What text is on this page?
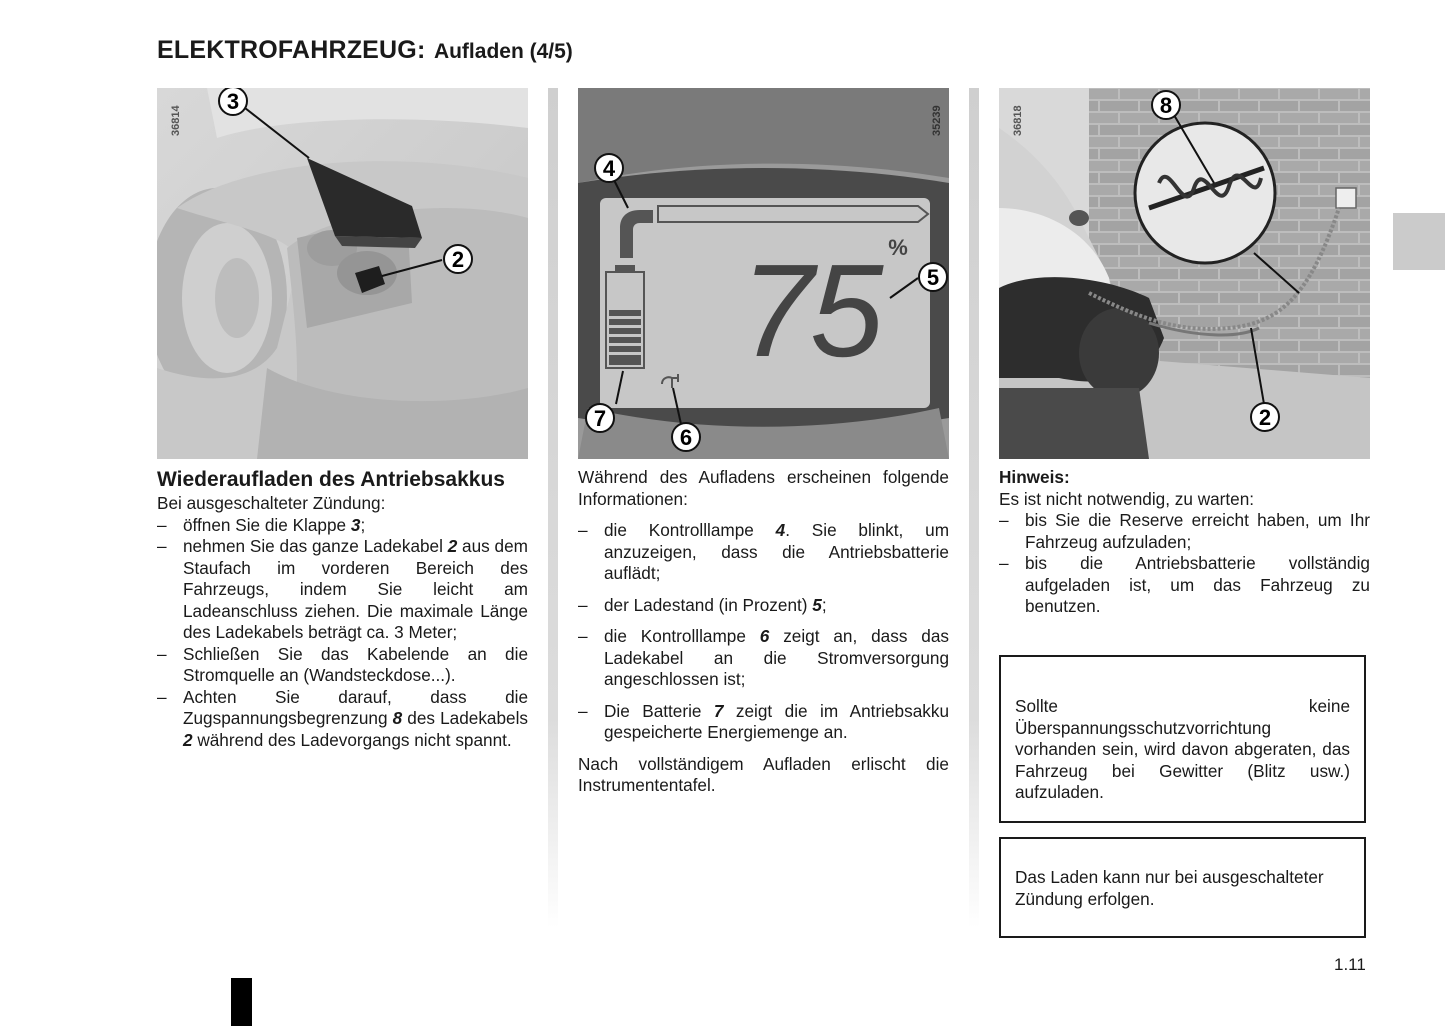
ELEKTROFAHRZEUG: Aufladen (4/5)
36814
3
2
Wiederaufladen des Antriebsakkus

Bei ausgeschalteter Zündung:

– öffnen Sie die Klappe 3;
– nehmen Sie das ganze Ladekabel 2 aus dem Staufach im vorderen Bereich des Fahrzeugs, indem Sie leicht am Ladeanschluss ziehen. Die maximale Länge des Ladekabels beträgt ca. 3 Meter;
– Schließen Sie das Kabelende an die Stromquelle an (Wandsteckdose...).
– Achten Sie darauf, dass die Zugspannungsbegrenzung 8 des Ladekabels 2 während des Ladevorgangs nicht spannt.
%
75
35239
4
5
7
6

Während des Aufladens erscheinen folgende Informationen:

– die Kontrolllampe 4. Sie blinkt, um anzuzeigen, dass die Antriebsbatterie auflädt;
– der Ladestand (in Prozent) 5;
– die Kontrolllampe 6 zeigt an, dass das Ladekabel an die Stromversorgung angeschlossen ist;
– Die Batterie 7 zeigt die im Antriebsakku gespeicherte Energiemenge an.

Nach vollständigem Aufladen erlischt die Instrumententafel.

36818	8
2

Hinweis:

Es ist nicht notwendig, zu warten:

– bis Sie die Reserve erreicht haben, um Ihr Fahrzeug aufzuladen;
– bis die Antriebsbatterie vollständig aufgeladen ist, um das Fahrzeug zu benutzen.

Sollte keine Überspannungsschutzvorrichtung vorhanden sein, wird davon abgeraten, das Fahrzeug bei Gewitter (Blitz usw.) aufzuladen.

Das Laden kann nur bei ausgeschalteter Zündung erfolgen.

1.11
